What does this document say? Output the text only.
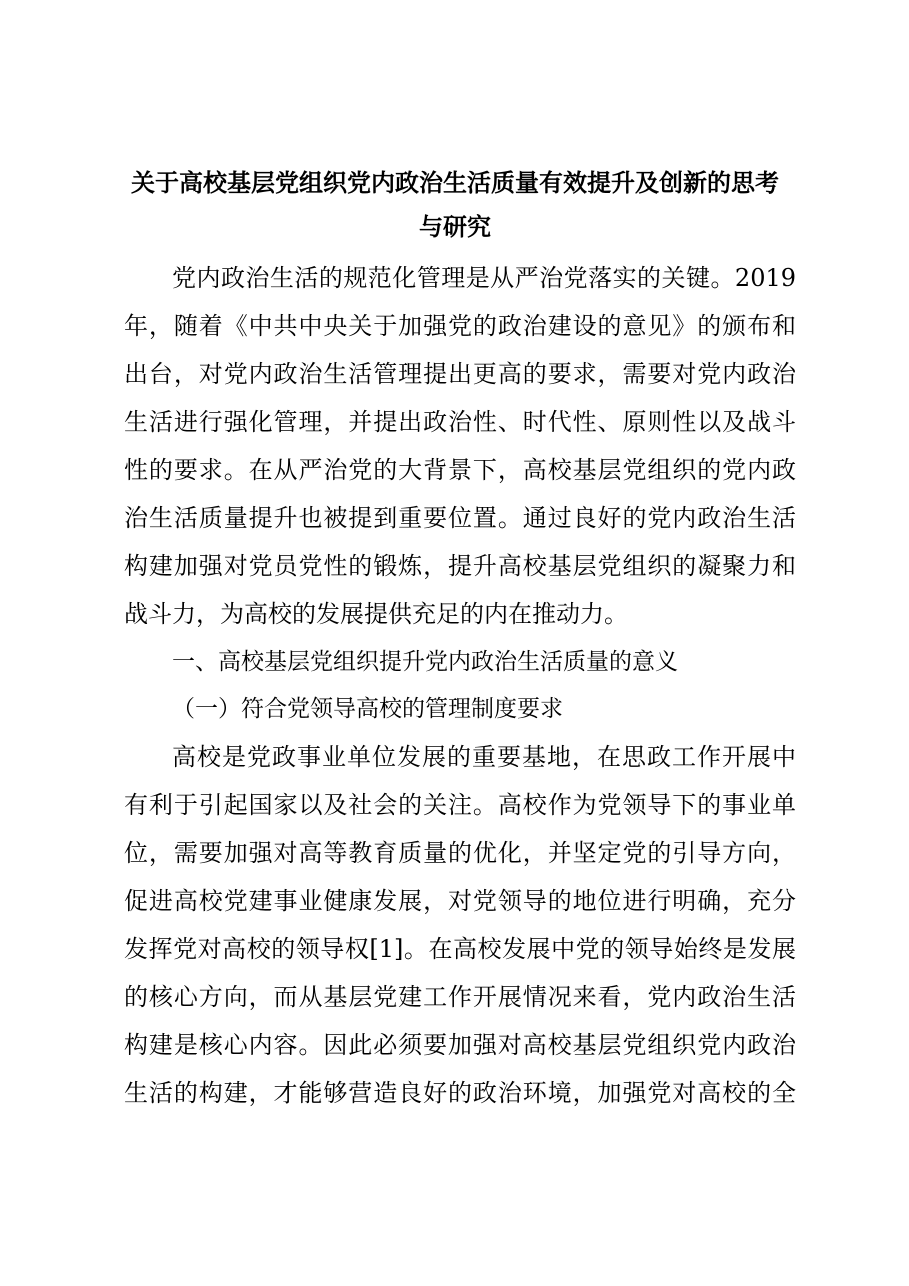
关于高校基层党组织党内政治生活质量有效提升及创新的思考
与研究
党内政治生活的规范化管理是从严治党落实的关键。2019
年，随着《中共中央关于加强党的政治建设的意见》的颁布和
出台，对党内政治生活管理提出更高的要求，需要对党内政治
生活进行强化管理，并提出政治性、时代性、原则性以及战斗
性的要求。在从严治党的大背景下，高校基层党组织的党内政
治生活质量提升也被提到重要位置。通过良好的党内政治生活
构建加强对党员党性的锻炼，提升高校基层党组织的凝聚力和
战斗力，为高校的发展提供充足的内在推动力。
一、高校基层党组织提升党内政治生活质量的意义
（一）符合党领导高校的管理制度要求
高校是党政事业单位发展的重要基地，在思政工作开展中
有利于引起国家以及社会的关注。高校作为党领导下的事业单
位，需要加强对高等教育质量的优化，并坚定党的引导方向，
促进高校党建事业健康发展，对党领导的地位进行明确，充分
发挥党对高校的领导权[1]。在高校发展中党的领导始终是发展
的核心方向，而从基层党建工作开展情况来看，党内政治生活
构建是核心内容。因此必须要加强对高校基层党组织党内政治
生活的构建，才能够营造良好的政治环境，加强党对高校的全
